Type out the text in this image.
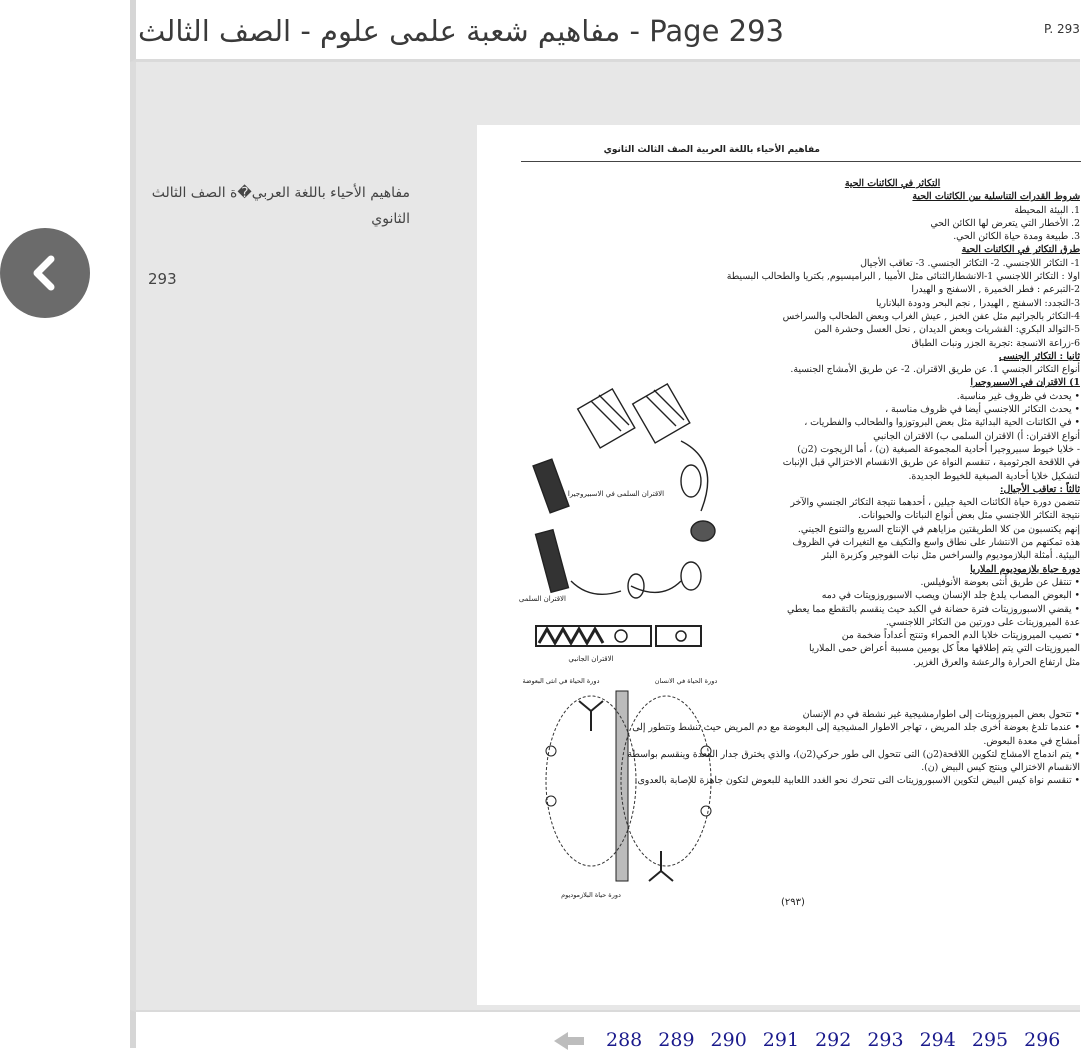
مفاهيم شعبة علمى علوم - الصف الثالث - Page 293	P. 293
مفاهيم الأحياء باللغة العربي�ة الصف الثالث الثانوي
293
مفاهيم الأحياء باللغة العربية الصف الثالث الثانوي
التكاثر في الكائنات الحية
شروط القدرات التناسلية بين الكائنات الحية
1. البيئة المحيطة
2. الأخطار التي يتعرض لها الكائن الحي
3. طبيعة ومدة حياة الكائن الحي.
طرق التكاثر في الكائنات الحية
1- التكاثر اللاجنسي. 2- التكاثر الجنسي. 3- تعاقب الأجيال
اولا : التكاثر اللاجنسي 1-الانشطارالثنائى مثل الأميبا , البراميسيوم, بكتريا والطحالب البسيطة
2-التبرعم : فطر الخميرة , الاسفنج و الهيدرا
3-التجدد: الاسفنج , الهيدرا , نجم البحر ودودة البلاناريا
4-التكاثر بالجراثيم مثل عفن الخبز , عيش الغراب وبعض الطحالب والسراخس
5-التوالد البكري: القشريات وبعض الديدان , نحل العسل وحشرة المن
6-زراعة الانسجة :تجربة الجزر ونبات الطباق
ثانيا : التكاثر الجنسى
أنواع التكاثر الجنسي 1. عن طريق الاقتران. 2- عن طريق الأمشاج الجنسية.
1) الاقتران في الاسبيروجيرا
• يحدث في ظروف غير مناسبة.
• يحدث التكاثر اللاجنسي أيضا في ظروف مناسبة ،
• في الكائنات الحية البدائية مثل بعض البروتوزوا والطحالب والفطريات ،
أنواع الاقتران: أ) الاقتران السلمى ب) الاقتران الجانبي
- خلايا خيوط سبيروجيرا أحادية المجموعة الصبغية (ن) ، أما الزيجوت (2ن)
في اللاقحة الجرثومية ، تنقسم النواة عن طريق الانقسام الاختزالي قبل الإنبات
لتشكيل خلايا أحادية الصبغية للخيوط الجديدة.
ثالثاً : تعاقب الأجيال:
تتضمن دورة حياة الكائنات الحية جيلين ، أحدهما نتيجة التكاثر الجنسي والآخر
نتيجة التكاثر اللاجنسي مثل بعض أنواع النباتات والحيوانات.
إنهم يكتسبون من كلا الطريقتين مزاياهم في الإنتاج السريع والتنوع الجيني.
هذه تمكنهم من الانتشار على نطاق واسع والتكيف مع التغيرات في الظروف
البيئية. أمثلة البلازموديوم والسراخس مثل نبات الفوجير وكزبرة البئر
دورة حياة بلازموديوم الملاريا
• تنتقل عن طريق أنثى بعوضة الأنوفيلس.
• البعوض المصاب يلدغ جلد الإنسان ويصب الاسبوروزويتات في دمه
• يقضي الاسبوروزيتات فترة حضانة في الكبد حيث ينقسم بالتقطع مما يعطي
عدة الميروزيتات على دورتين من التكاثر اللاجنسي.
• تصيب الميروزيتات خلايا الدم الحمراء وتنتج أعداداً ضخمة من
الميروزيتات التي يتم إطلاقها معاً كل يومين مسببة أعراض حمى الملاريا
مثل ارتفاع الحرارة والرعشة والعرق الغزير.
الاقتران السلمى في الاسبيروجيرا
الاقتران السلمى
الاقتران الجانبي
دورة الحياة في انثى البعوضة	دورة الحياة في الانسان
دورة حياة البلازموديوم
• تتحول بعض الميروزويتات إلى اطوارمشيجية غير نشطة في دم الإنسان
• عندما تلدغ بعوضة أخرى جلد المريض ، تهاجر الاطوار المشيجية إلى البعوضة مع دم المريض حيث تنشط وتتطور إلى
أمشاج في معدة البعوض.
• يتم اندماج الامشاج لتكوين اللاقحة(2ن) التى تتحول الى طور حركي(2ن)، والذي يخترق جدار المعدة وينقسم بواسطة
الانقسام الاختزالي وينتج كيس البيض (ن).
• تنقسم نواة كيس البيض لتكوين الاسبوروزيتات التى تتحرك نحو الغدد اللعابية للبعوض لتكون جاهزة للإصابة بالعدوى.
(٢٩٣)
288 289 290 291 292 293 294 295 296
